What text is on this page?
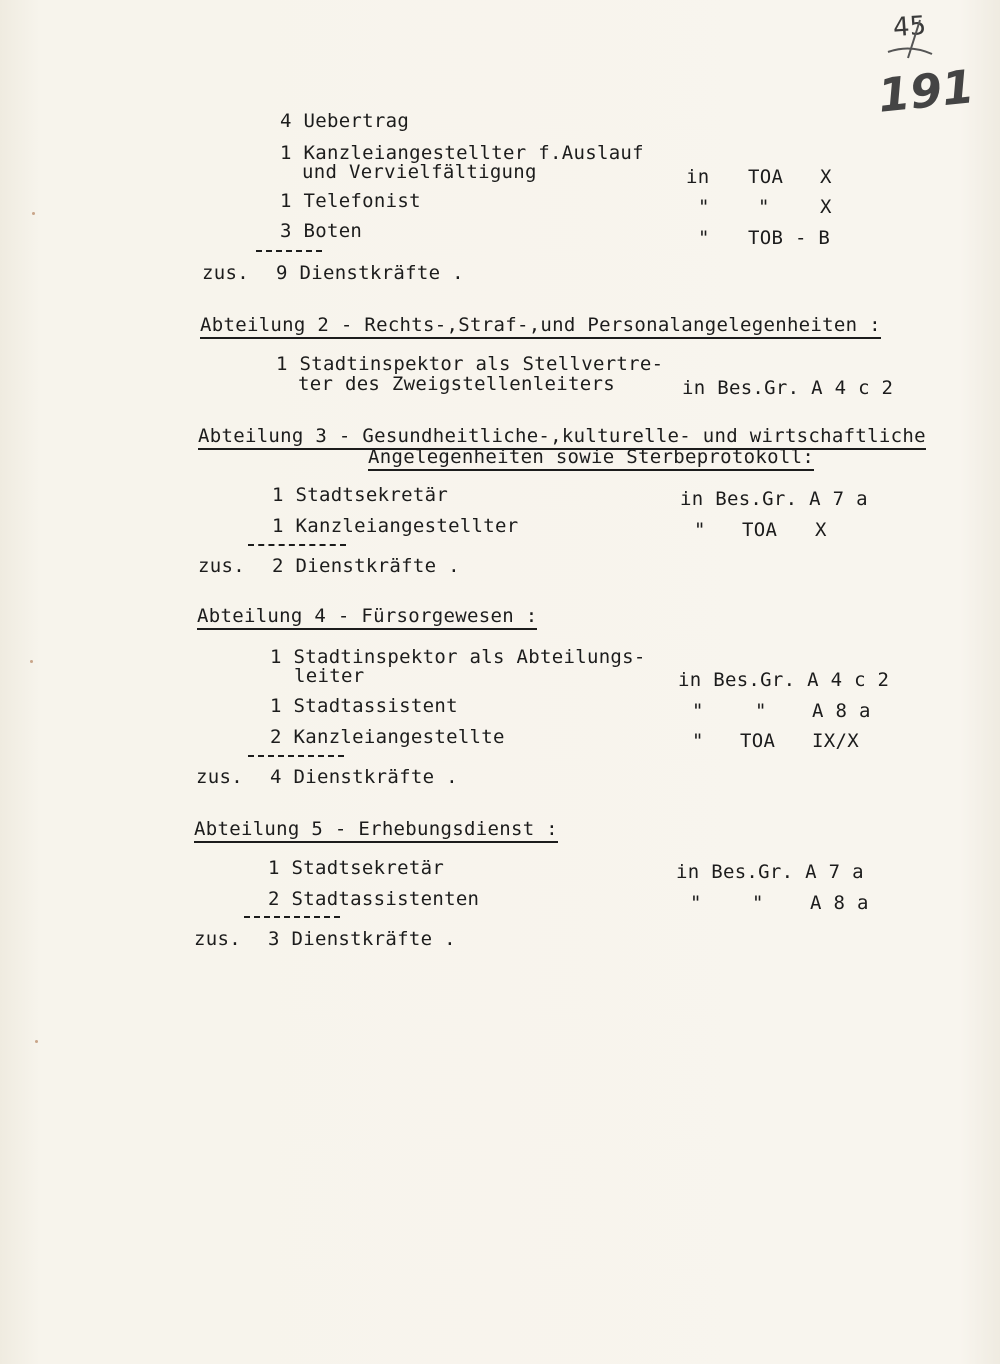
45
191
4 Uebertrag
1 Kanzleiangestellter f.Auslauf
und Vervielfältigung	in TOA X
1 Telefonist	"	"	X
3 Boten	" TOB - B
zus. 9 Dienstkräfte .
Abteilung 2 - Rechts-,Straf-,und Personalangelegenheiten :
1 Stadtinspektor als Stellvertre-
ter des Zweigstellenleiters	in Bes.Gr. A 4 c 2
Abteilung 3 - Gesundheitliche-,kulturelle- und wirtschaftliche
Angelegenheiten sowie Sterbeprotokoll:
1 Stadtsekretär	in Bes.Gr. A 7 a
1 Kanzleiangestellter	" TOA X
zus. 2 Dienstkräfte .
Abteilung 4 - Fürsorgewesen :
1 Stadtinspektor als Abteilungs-
leiter	in Bes.Gr. A 4 c 2
1 Stadtassistent	"	" A 8 a
2 Kanzleiangestellte	" TOA IX/X
zus. 4 Dienstkräfte .
Abteilung 5 - Erhebungsdienst :
1 Stadtsekretär	in Bes.Gr. A 7 a
2 Stadtassistenten	"	" A 8 a
zus. 3 Dienstkräfte .
